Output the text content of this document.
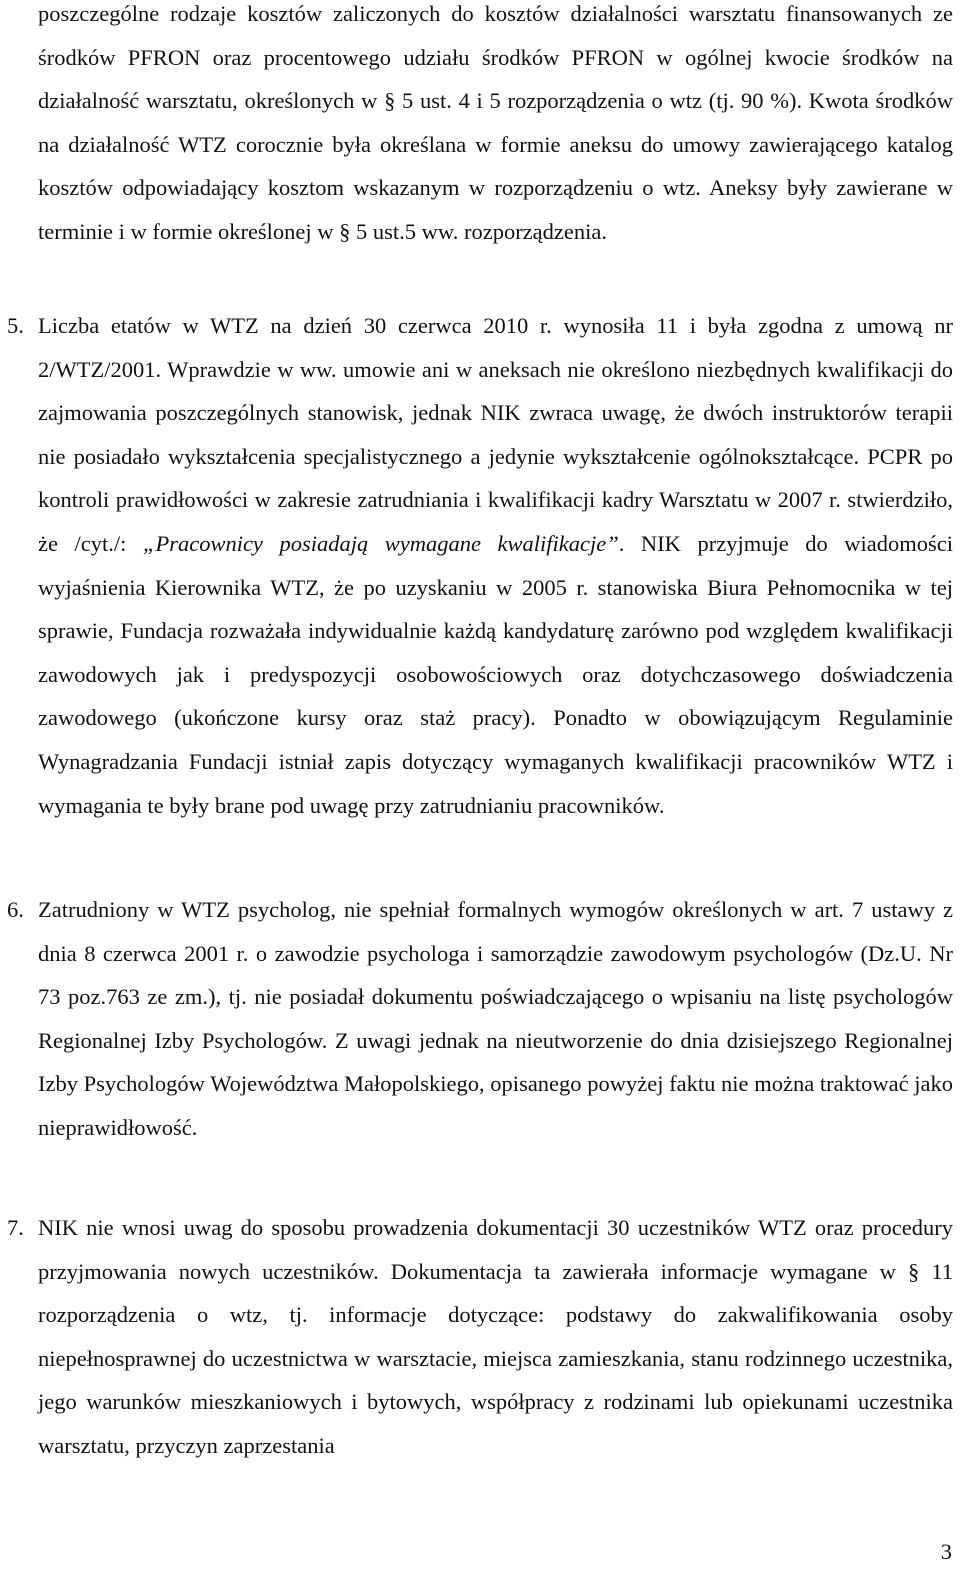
poszczególne rodzaje kosztów zaliczonych do kosztów działalności warsztatu finansowanych ze środków PFRON oraz procentowego udziału środków PFRON w ogólnej kwocie środków na działalność warsztatu, określonych w § 5 ust. 4 i 5 rozporządzenia o wtz (tj. 90 %). Kwota środków na działalność WTZ corocznie była określana w formie aneksu do umowy zawierającego katalog kosztów odpowiadający kosztom wskazanym w rozporządzeniu o wtz. Aneksy były zawierane w terminie i w formie określonej w § 5 ust.5 ww. rozporządzenia.

5. Liczba etatów w WTZ na dzień 30 czerwca 2010 r. wynosiła 11 i była zgodna z umową nr 2/WTZ/2001. Wprawdzie w ww. umowie ani w aneksach nie określono niezbędnych kwalifikacji do zajmowania poszczególnych stanowisk, jednak NIK zwraca uwagę, że dwóch instruktorów terapii nie posiadało wykształcenia specjalistycznego a jedynie wykształcenie ogólnokształcące. PCPR po kontroli prawidłowości w zakresie zatrudniania i kwalifikacji kadry Warsztatu w 2007 r. stwierdziło, że /cyt./: „Pracownicy posiadają wymagane kwalifikacje”. NIK przyjmuje do wiadomości wyjaśnienia Kierownika WTZ, że po uzyskaniu w 2005 r. stanowiska Biura Pełnomocnika w tej sprawie, Fundacja rozważała indywidualnie każdą kandydaturę zarówno pod względem kwalifikacji zawodowych jak i predyspozycji osobowościowych oraz dotychczasowego doświadczenia zawodowego (ukończone kursy oraz staż pracy). Ponadto w obowiązującym Regulaminie Wynagradzania Fundacji istniał zapis dotyczący wymaganych kwalifikacji pracowników WTZ i wymagania te były brane pod uwagę przy zatrudnianiu pracowników.

6. Zatrudniony w WTZ psycholog, nie spełniał formalnych wymogów określonych w art. 7 ustawy z dnia 8 czerwca 2001 r. o zawodzie psychologa i samorządzie zawodowym psychologów (Dz.U. Nr 73 poz.763 ze zm.), tj. nie posiadał dokumentu poświadczającego o wpisaniu na listę psychologów Regionalnej Izby Psychologów. Z uwagi jednak na nieutworzenie do dnia dzisiejszego Regionalnej Izby Psychologów Województwa Małopolskiego, opisanego powyżej faktu nie można traktować jako nieprawidłowość.

7. NIK nie wnosi uwag do sposobu prowadzenia dokumentacji 30 uczestników WTZ oraz procedury przyjmowania nowych uczestników. Dokumentacja ta zawierała informacje wymagane w § 11 rozporządzenia o wtz, tj. informacje dotyczące: podstawy do zakwalifikowania osoby niepełnosprawnej do uczestnictwa w warsztacie, miejsca zamieszkania, stanu rodzinnego uczestnika, jego warunków mieszkaniowych i bytowych, współpracy z rodzinami lub opiekunami uczestnika warsztatu, przyczyn zaprzestania

3
